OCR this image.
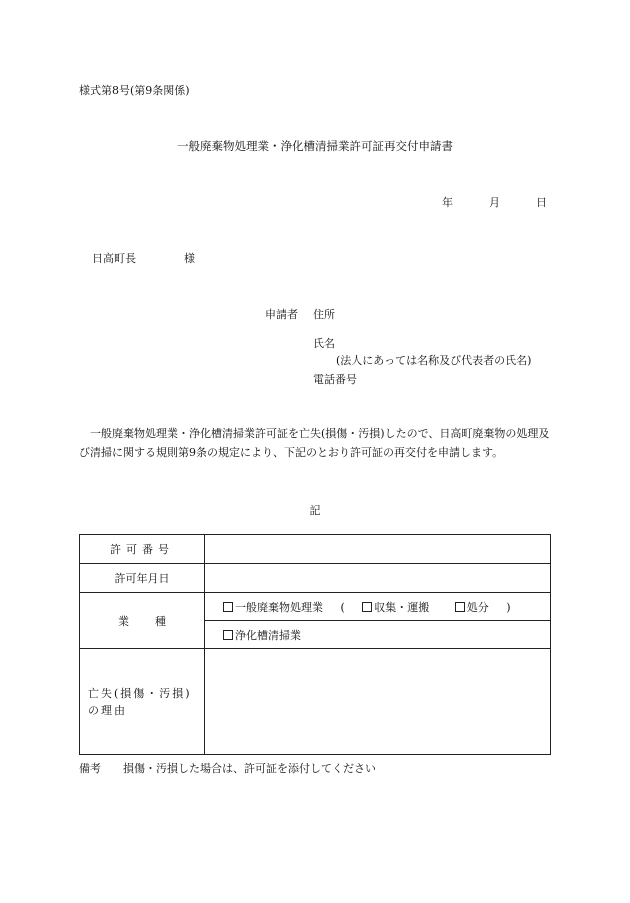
様式第8号(第9条関係)
一般廃棄物処理業・浄化槽清掃業許可証再交付申請書
年	月	日
日高町長	様
申請者 住所
氏名
(法人にあっては名称及び代表者の氏名)
電話番号
一般廃棄物処理業・浄化槽清掃業許可証を亡失(損傷・汚損)したので、日高町廃棄物の処理及び清掃に関する規則第9条の規定により、下記のとおり許可証の再交付を申請します。
記
許可番号	
許可年月日	
業種	一般廃棄物処理業 ( 収集・運搬 処分 )
	浄化槽清掃業
亡失(損傷・汚損)の理由	
備考 損傷・汚損した場合は、許可証を添付してください
